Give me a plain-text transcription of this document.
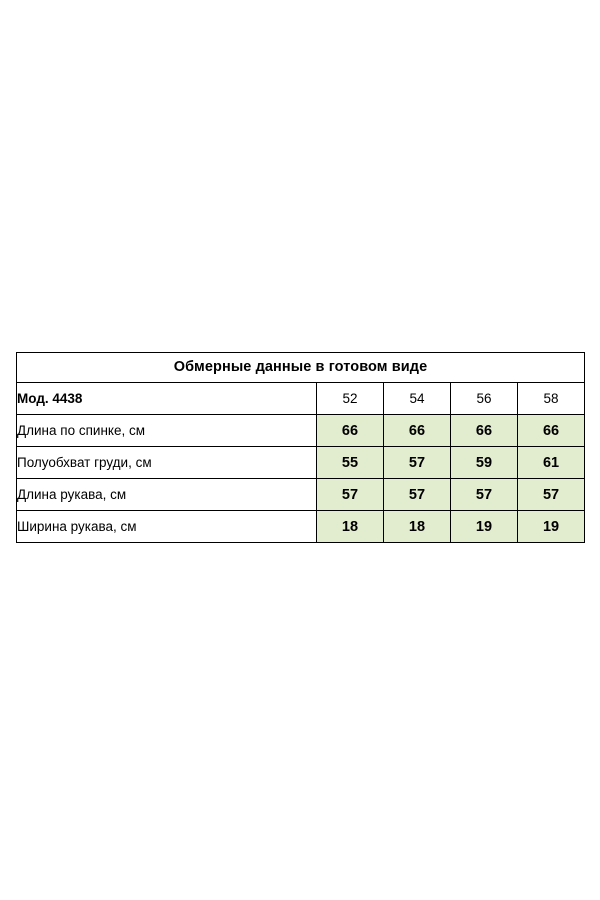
Обмерные данные в готовом виде				
Мод. 4438	52	54	56	58
Длина по спинке, см	66	66	66	66
Полуобхват груди, см	55	57	59	61
Длина рукава, см	57	57	57	57
Ширина рукава, см	18	18	19	19
